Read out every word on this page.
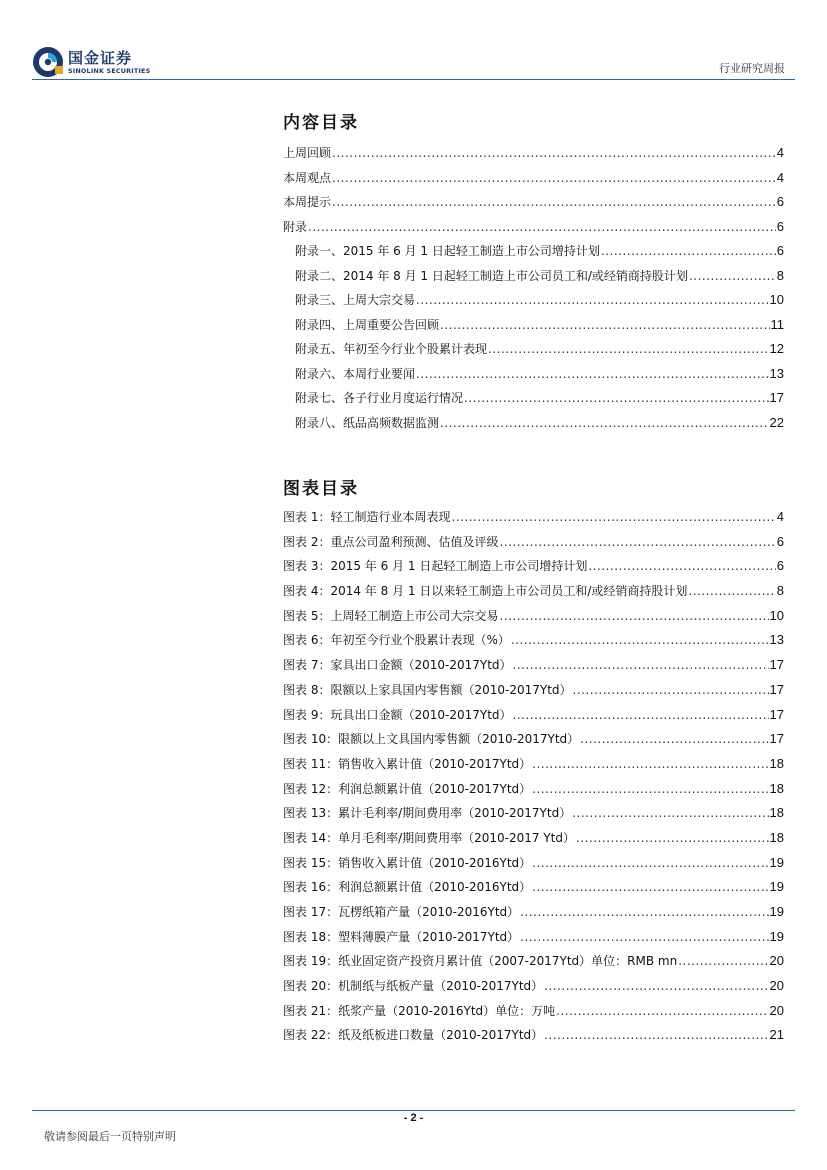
国金证券
SINOLINK SECURITIES	行业研究周报
内容目录
上周回顾 .....	4
本周观点 .....	4
本周提示 .....	6
附录 .....	6
附录一、2015 年 6 月 1 日起轻工制造上市公司增持计划 .....	6
附录二、2014 年 8 月 1 日起轻工制造上市公司员工和/或经销商持股计划 .....	8
附录三、上周大宗交易 .....	10
附录四、上周重要公告回顾 .....	11
附录五、年初至今行业个股累计表现 .....	12
附录六、本周行业要闻 .....	13
附录七、各子行业月度运行情况 .....	17
附录八、纸品高频数据监测 .....	22
图表目录
图表 1：轻工制造行业本周表现 .....	4
图表 2：重点公司盈利预测、估值及评级 .....	6
图表 3：2015 年 6 月 1 日起轻工制造上市公司增持计划 .....	6
图表 4：2014 年 8 月 1 日以来轻工制造上市公司员工和/或经销商持股计划 .....	8
图表 5：上周轻工制造上市公司大宗交易 .....	10
图表 6：年初至今行业个股累计表现（%） .....	13
图表 7：家具出口金额（2010-2017Ytd） .....	17
图表 8：限额以上家具国内零售额（2010-2017Ytd） .....	17
图表 9：玩具出口金额（2010-2017Ytd） .....	17
图表 10：限额以上文具国内零售额（2010-2017Ytd） .....	17
图表 11：销售收入累计值（2010-2017Ytd） .....	18
图表 12：利润总额累计值（2010-2017Ytd） .....	18
图表 13：累计毛利率/期间费用率（2010-2017Ytd） .....	18
图表 14：单月毛利率/期间费用率（2010-2017 Ytd） .....	18
图表 15：销售收入累计值（2010-2016Ytd） .....	19
图表 16：利润总额累计值（2010-2016Ytd） .....	19
图表 17：瓦楞纸箱产量（2010-2016Ytd） .....	19
图表 18：塑料薄膜产量（2010-2017Ytd） .....	19
图表 19：纸业固定资产投资月累计值（2007-2017Ytd）单位：RMB mn .....	20
图表 20：机制纸与纸板产量（2010-2017Ytd） .....	20
图表 21：纸浆产量（2010-2016Ytd）单位：万吨 .....	20
图表 22：纸及纸板进口数量（2010-2017Ytd） .....	21
- 2 -
敬请参阅最后一页特别声明
